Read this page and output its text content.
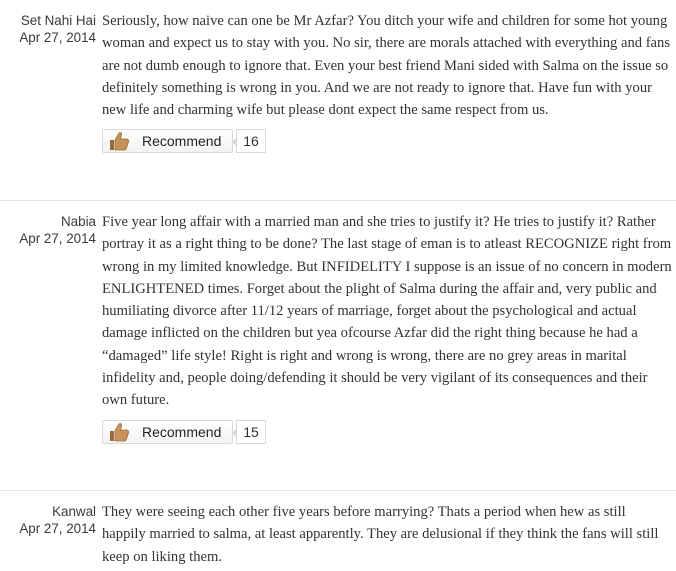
Set Nahi Hai
Apr 27, 2014

Seriously, how naive can one be Mr Azfar? You ditch your wife and children for some hot young woman and expect us to stay with you. No sir, there are morals attached with everything and fans are not dumb enough to ignore that. Even your best friend Mani sided with Salma on the issue so definitely something is wrong in you. And we are not ready to ignore that. Have fun with your new life and charming wife but please dont expect the same respect from us.

Recommend	16
Nabia
Apr 27, 2014

Five year long affair with a married man and she tries to justify it? He tries to justify it? Rather portray it as a right thing to be done? The last stage of eman is to atleast RECOGNIZE right from wrong in my limited knowledge. But INFIDELITY I suppose is an issue of no concern in modern ENLIGHTENED times. Forget about the plight of Salma during the affair and, very public and humiliating divorce after 11/12 years of marriage, forget about the psychological and actual damage inflicted on the children but yea ofcourse Azfar did the right thing because he had a “damaged” life style! Right is right and wrong is wrong, there are no grey areas in marital infidelity and, people doing/defending it should be very vigilant of its consequences and their own future.

Recommend	15
Kanwal
Apr 27, 2014

They were seeing each other five years before marrying? Thats a period when hew as still happily married to salma, at least apparently. They are delusional if they think the fans will still keep on liking them.
